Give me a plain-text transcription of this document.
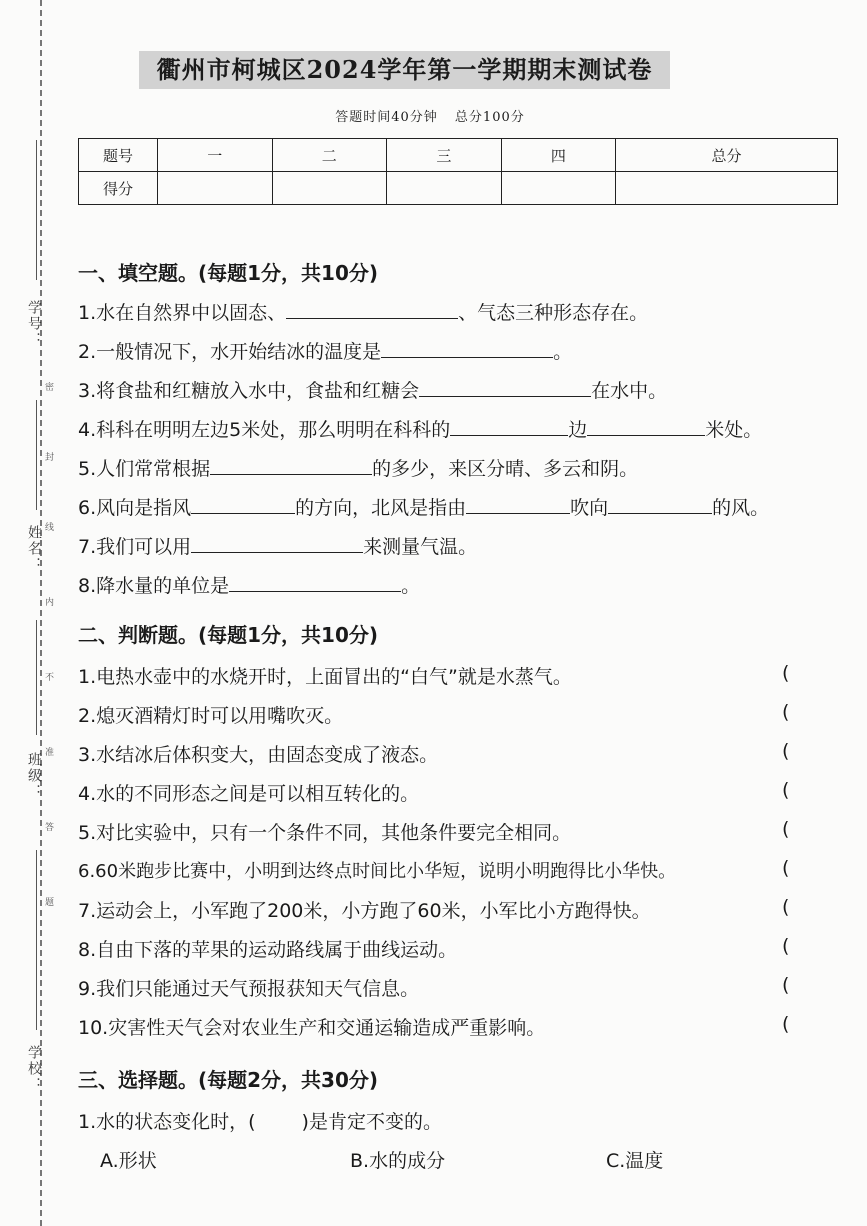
学号：
姓名：
班级：
学校：
密
封
线
内
不
准
答
题
衢州市柯城区2024学年第一学期期末测试卷
答题时间40分钟 总分100分
题号	一	二	三	四	总分
得分					
一、填空题。(每题1分，共10分)
1.水在自然界中以固态、	、气态三种形态存在。
2.一般情况下，水开始结冰的温度是	。
3.将食盐和红糖放入水中，食盐和红糖会	在水中。
4.科科在明明左边5米处，那么明明在科科的	边	米处。
5.人们常常根据	的多少，来区分晴、多云和阴。
6.风向是指风	的方向，北风是指由	吹向	的风。
7.我们可以用	来测量气温。
8.降水量的单位是	。
二、判断题。(每题1分，共10分)
1.电热水壶中的水烧开时，上面冒出的“白气”就是水蒸气。
2.熄灭酒精灯时可以用嘴吹灭。
3.水结冰后体积变大，由固态变成了液态。
4.水的不同形态之间是可以相互转化的。
5.对比实验中，只有一个条件不同，其他条件要完全相同。
6.60米跑步比赛中，小明到达终点时间比小华短，说明小明跑得比小华快。
7.运动会上，小军跑了200米，小方跑了60米，小军比小方跑得快。
8.自由下落的苹果的运动路线属于曲线运动。
9.我们只能通过天气预报获知天气信息。
10.灾害性天气会对农业生产和交通运输造成严重影响。
(
(
(
(
(
(
(
(
(
(
三、选择题。(每题2分，共30分)
1.水的状态变化时，( )是肯定不变的。
A.形状	B.水的成分	C.温度
